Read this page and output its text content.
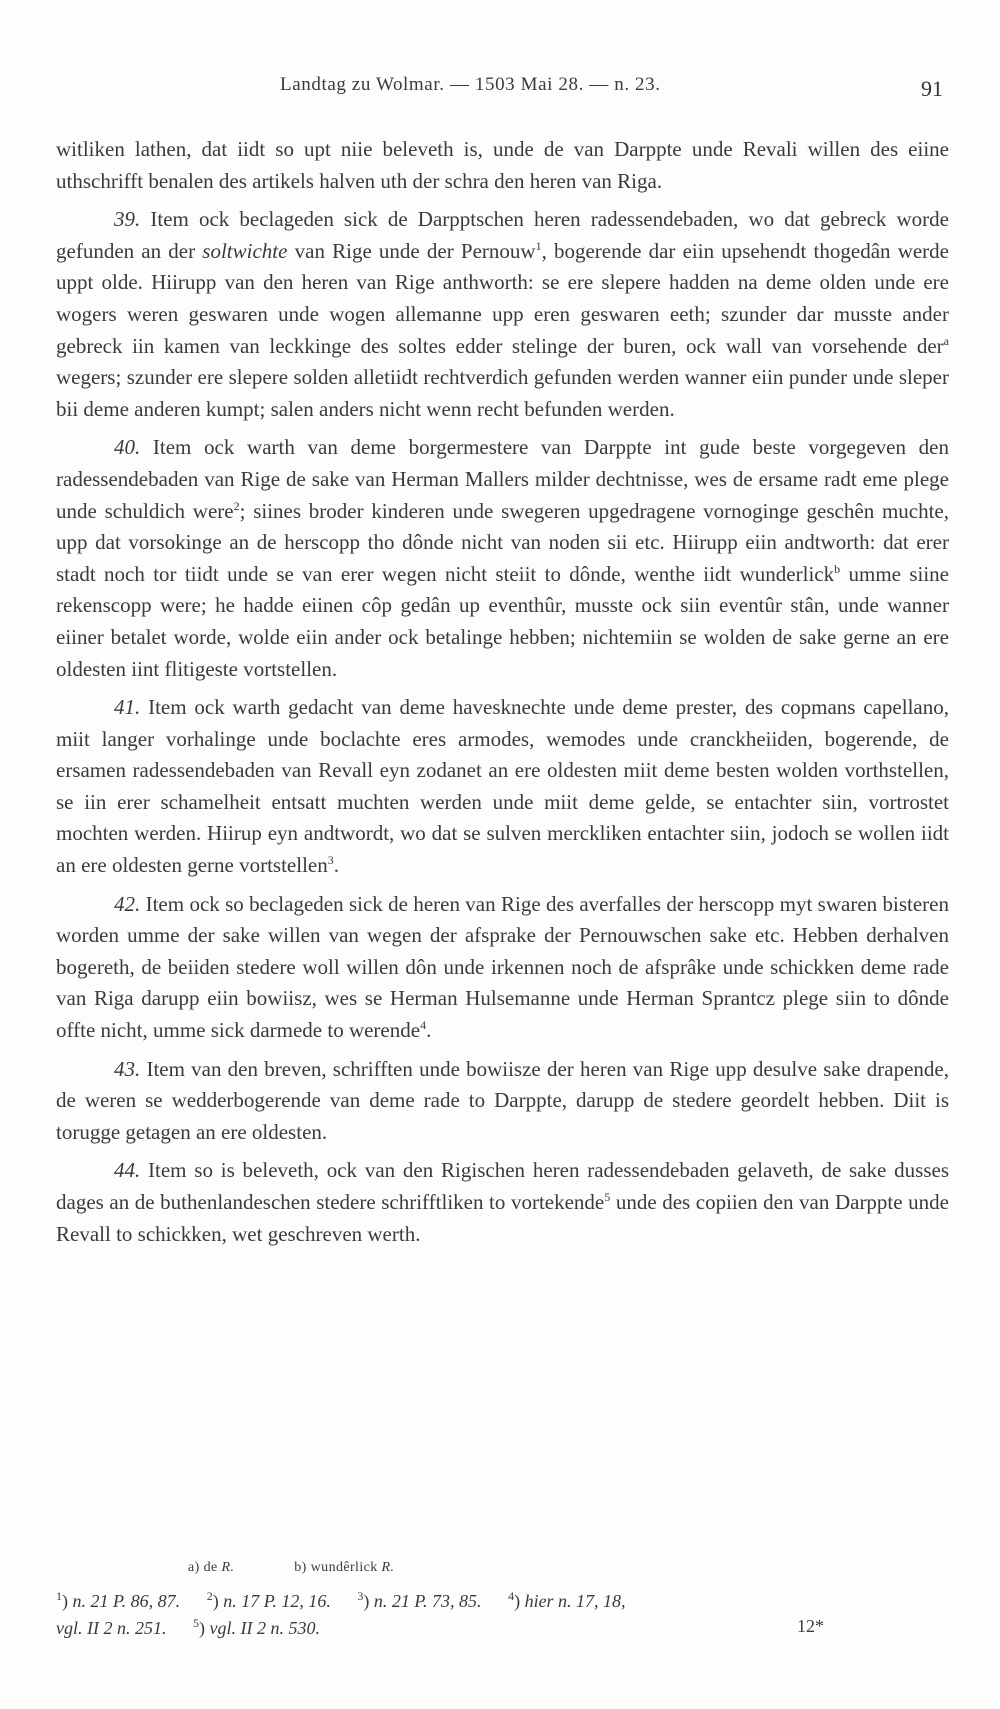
Landtag zu Wolmar. — 1503 Mai 28. — n. 23.	91

witliken lathen, dat iidt so upt niie beleveth is, unde de van Darppte unde Revali willen des eiine uthschrifft benalen des artikels halven uth der schra den heren van Riga.

39. Item ock beclageden sick de Darpptschen heren radessendebaden, wo dat gebreck worde gefunden an der soltwichte van Rige unde der Pernouw$^1$, bogerende dar eiin upsehendt thogedân werde uppt olde. Hiirupp van den heren van Rige anthworth: se ere slepere hadden na deme olden unde ere wogers weren geswaren unde wogen allemanne upp eren geswaren eeth; szunder dar musste ander gebreck iin kamen van leckkinge des soltes edder stelinge der buren, ock wall van vorsehende der$^a$ wegers; szunder ere slepere solden alletiidt rechtverdich gefunden werden wanner eiin punder unde sleper bii deme anderen kumpt; salen anders nicht wenn recht befunden werden.

40. Item ock warth van deme borgermestere van Darppte int gude beste vorgegeven den radessendebaden van Rige de sake van Herman Mallers milder dechtnisse, wes de ersame radt eme plege unde schuldich were$^2$; siines broder kinderen unde swegeren upgedragene vornoginge geschên muchte, upp dat vorsokinge an de herscopp tho dônde nicht van noden sii etc. Hiirupp eiin andtworth: dat erer stadt noch tor tiidt unde se van erer wegen nicht steiit to dônde, wenthe iidt wunderlick$^b$ umme siine rekenscopp were; he hadde eiinen côp gedân up eventhûr, musste ock siin eventûr stân, unde wanner eiiner betalet worde, wolde eiin ander ock betalinge hebben; nichtemiin se wolden de sake gerne an ere oldesten iint flitigeste vortstellen.

41. Item ock warth gedacht van deme havesknechte unde deme prester, des copmans capellano, miit langer vorhalinge unde boclachte eres armodes, wemodes unde cranckheiiden, bogerende, de ersamen radessendebaden van Revall eyn zodanet an ere oldesten miit deme besten wolden vorthstellen, se iin erer schamelheit entsatt muchten werden unde miit deme gelde, se entachter siin, vortrostet mochten werden. Hiirup eyn andtwordt, wo dat se sulven merckliken entachter siin, jodoch se wollen iidt an ere oldesten gerne vortstellen$^3$.

42. Item ock so beclageden sick de heren van Rige des averfalles der herscopp myt swaren bisteren worden umme der sake willen van wegen der afsprake der Pernouwschen sake etc. Hebben derhalven bogereth, de beiiden stedere woll willen dôn unde irkennen noch de afsprâke unde schickken deme rade van Riga darupp eiin bowiisz, wes se Herman Hulsemanne unde Herman Sprantcz plege siin to dônde offte nicht, umme sick darmede to werende$^4$.

43. Item van den breven, schrifften unde bowiisze der heren van Rige upp desulve sake drapende, de weren se wedderbogerende van deme rade to Darppte, darupp de stedere geordelt hebben. Diit is torugge getagen an ere oldesten.

44. Item so is beleveth, ock van den Rigischen heren radessendebaden gelaveth, de sake dusses dages an de buthenlandeschen stedere schrifftliken to vortekende$^5$ unde des copiien den van Darppte unde Revall to schickken, wet geschreven werth.

a) de R.	b) wundêrlick R.
$^1$) n. 21 P. 86, 87. $^2$) n. 17 P. 12, 16. $^3$) n. 21 P. 73, 85. $^4$) hier n. 17, 18,
vgl. II 2 n. 251. $^5$) vgl. II 2 n. 530.	12*
